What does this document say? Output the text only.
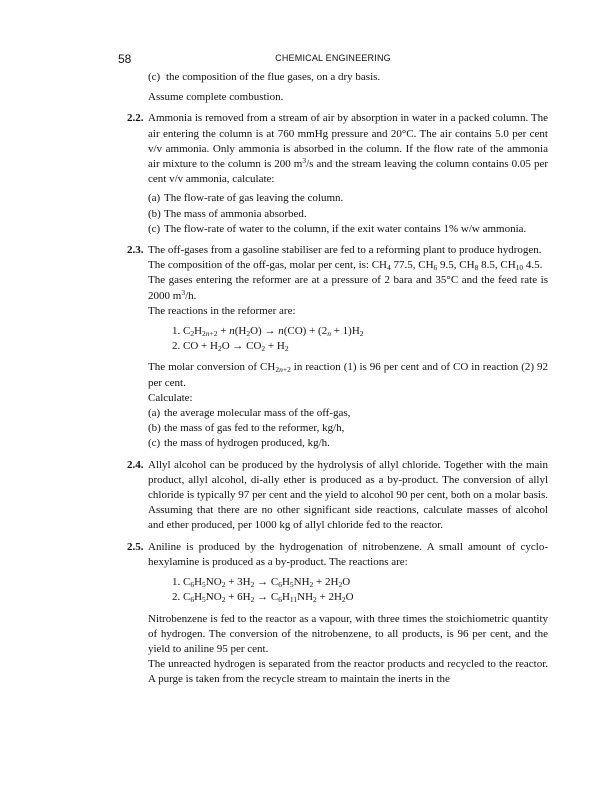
58	CHEMICAL ENGINEERING
(c) the composition of the flue gases, on a dry basis.

Assume complete combustion.

2.2. Ammonia is removed from a stream of air by absorption in water in a packed column. The air entering the column is at 760 mmHg pressure and 20°C. The air contains 5.0 per cent v/v ammonia. Only ammonia is absorbed in the column. If the flow rate of the ammonia air mixture to the column is 200 $m^3/s$ and the stream leaving the column contains 0.05 per cent v/v ammonia, calculate:

(a) The flow-rate of gas leaving the column.
(b) The mass of ammonia absorbed.
(c) The flow-rate of water to the column, if the exit water contains 1% w/w ammonia.
2.3. The off-gases from a gasoline stabiliser are fed to a reforming plant to produce hydrogen.

The composition of the off-gas, molar per cent, is: $CH_4$ 77.5, $CH_6$ 9.5, $CH_8$ 8.5, $CH_{10}$ 4.5.

The gases entering the reformer are at a pressure of 2 bara and 35°C and the feed rate is 2000 $m^3/h$.

The reactions in the reformer are:

1. $C_2H_{2n+2} + n(H_2O) \to n(CO) + (2_n + 1)H_2$
2. CO + $H_2O \to CO_2 + H_2$

The molar conversion of $CH_{2n+2}$ in reaction (1) is 96 per cent and of CO in reaction (2) 92 per cent.

Calculate:

(a) the average molecular mass of the off-gas,
(b) the mass of gas fed to the reformer, kg/h,
(c) the mass of hydrogen produced, kg/h.
2.4. Allyl alcohol can be produced by the hydrolysis of allyl chloride. Together with the main product, allyl alcohol, di-ally ether is produced as a by-product. The conversion of allyl chloride is typically 97 per cent and the yield to alcohol 90 per cent, both on a molar basis. Assuming that there are no other significant side reactions, calculate masses of alcohol and ether produced, per 1000 kg of allyl chloride fed to the reactor.

2.5. Aniline is produced by the hydrogenation of nitrobenzene. A small amount of cyclo-hexylamine is produced as a by-product. The reactions are:

1. $C_6H_5NO_2 + 3H_2 \to C_6H_5NH_2 + 2H_2O$
2. $C_6H_5NO_2 + 6H_2 \to C_6H_{11}NH_2 + 2H_2O$

Nitrobenzene is fed to the reactor as a vapour, with three times the stoichiometric quantity of hydrogen. The conversion of the nitrobenzene, to all products, is 96 per cent, and the yield to aniline 95 per cent.

The unreacted hydrogen is separated from the reactor products and recycled to the reactor. A purge is taken from the recycle stream to maintain the inerts in the
